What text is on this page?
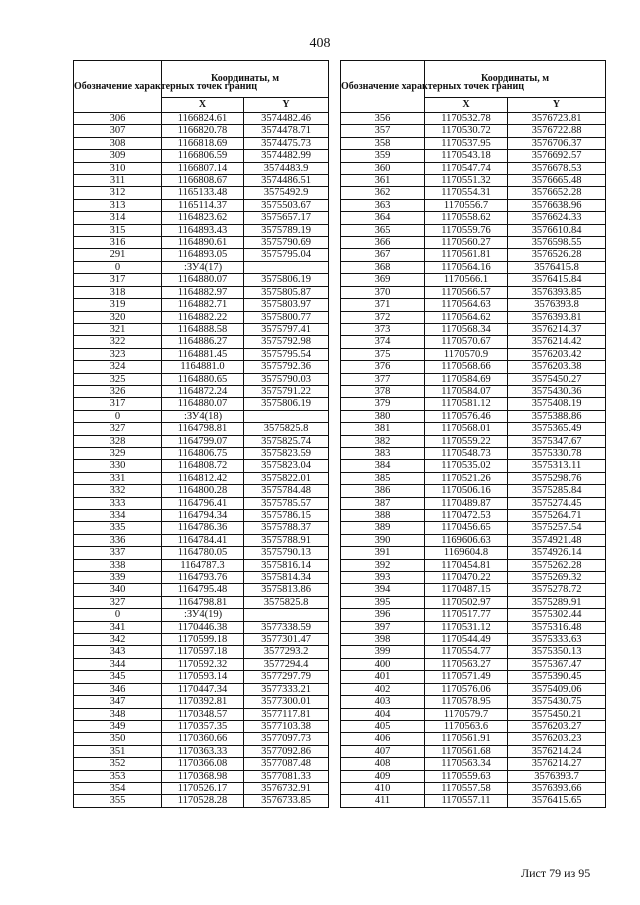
408
Обозначение характерных точек границ	Координаты, м	
	X	Y
306	1166824.61	3574482.46
307	1166820.78	3574478.71
308	1166818.69	3574475.73
309	1166806.59	3574482.99
310	1166807.14	3574483.9
311	1166808.67	3574486.51
312	1165133.48	3575492.9
313	1165114.37	3575503.67
314	1164823.62	3575657.17
315	1164893.43	3575789.19
316	1164890.61	3575790.69
291	1164893.05	3575795.04
0	:ЗУ4(17)	
317	1164880.07	3575806.19
318	1164882.97	3575805.87
319	1164882.71	3575803.97
320	1164882.22	3575800.77
321	1164888.58	3575797.41
322	1164886.27	3575792.98
323	1164881.45	3575795.54
324	1164881.0	3575792.36
325	1164880.65	3575790.03
326	1164872.24	3575791.22
317	1164880.07	3575806.19
0	:ЗУ4(18)	
327	1164798.81	3575825.8
328	1164799.07	3575825.74
329	1164806.75	3575823.59
330	1164808.72	3575823.04
331	1164812.42	3575822.01
332	1164800.28	3575784.48
333	1164796.41	3575785.57
334	1164794.34	3575786.15
335	1164786.36	3575788.37
336	1164784.41	3575788.91
337	1164780.05	3575790.13
338	1164787.3	3575816.14
339	1164793.76	3575814.34
340	1164795.48	3575813.86
327	1164798.81	3575825.8
0	:ЗУ4(19)	
341	1170446.38	3577338.59
342	1170599.18	3577301.47
343	1170597.18	3577293.2
344	1170592.32	3577294.4
345	1170593.14	3577297.79
346	1170447.34	3577333.21
347	1170392.81	3577300.01
348	1170348.57	3577117.81
349	1170357.35	3577103.38
350	1170360.66	3577097.73
351	1170363.33	3577092.86
352	1170366.08	3577087.48
353	1170368.98	3577081.33
354	1170526.17	3576732.91
355	1170528.28	3576733.85
Обозначение характерных точек границ	Координаты, м	
	X	Y
356	1170532.78	3576723.81
357	1170530.72	3576722.88
358	1170537.95	3576706.37
359	1170543.18	3576692.57
360	1170547.74	3576678.53
361	1170551.32	3576665.48
362	1170554.31	3576652.28
363	1170556.7	3576638.96
364	1170558.62	3576624.33
365	1170559.76	3576610.84
366	1170560.27	3576598.55
367	1170561.81	3576526.28
368	1170564.16	3576415.8
369	1170566.1	3576415.84
370	1170566.57	3576393.85
371	1170564.63	3576393.8
372	1170564.62	3576393.81
373	1170568.34	3576214.37
374	1170570.67	3576214.42
375	1170570.9	3576203.42
376	1170568.66	3576203.38
377	1170584.69	3575450.27
378	1170584.07	3575430.36
379	1170581.12	3575408.19
380	1170576.46	3575388.86
381	1170568.01	3575365.49
382	1170559.22	3575347.67
383	1170548.73	3575330.78
384	1170535.02	3575313.11
385	1170521.26	3575298.76
386	1170506.16	3575285.84
387	1170489.87	3575274.45
388	1170472.53	3575264.71
389	1170456.65	3575257.54
390	1169606.63	3574921.48
391	1169604.8	3574926.14
392	1170454.81	3575262.28
393	1170470.22	3575269.32
394	1170487.15	3575278.72
395	1170502.97	3575289.91
396	1170517.77	3575302.44
397	1170531.12	3575316.48
398	1170544.49	3575333.63
399	1170554.77	3575350.13
400	1170563.27	3575367.47
401	1170571.49	3575390.45
402	1170576.06	3575409.06
403	1170578.95	3575430.75
404	1170579.7	3575450.21
405	1170563.6	3576203.27
406	1170561.91	3576203.23
407	1170561.68	3576214.24
408	1170563.34	3576214.27
409	1170559.63	3576393.7
410	1170557.58	3576393.66
411	1170557.11	3576415.65
Лист 79 из 95
